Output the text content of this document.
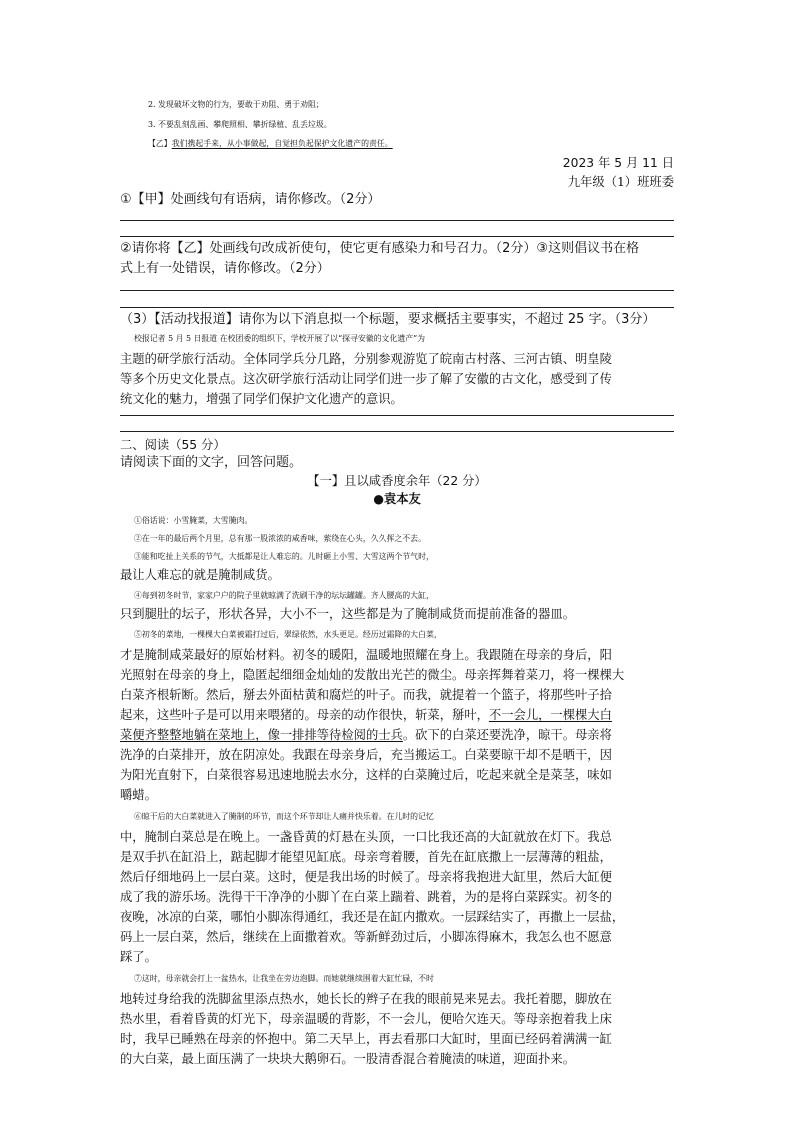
2. 发现破坏文物的行为，要敢于劝阻、勇于劝阻；
3. 不要乱刻乱画、攀爬照相、攀折绿植、乱丢垃圾。
【乙】我们携起手来，从小事做起，自觉担负起保护文化遗产的责任。
2023 年 5 月 11 日
九年级（1）班班委
①【甲】处画线句有语病，请你修改。（2分）
②请你将【乙】处画线句改成祈使句，使它更有感染力和号召力。（2分）③这则倡议书在格
式上有一处错误，请你修改。（2分）
（3）【活动找报道】请你为以下消息拟一个标题，要求概括主要事实，不超过 25 字。（3分）
校报记者 5 月 5 日报道 在校团委的组织下，学校开展了以“探寻安徽的文化遗产”为
主题的研学旅行活动。全体同学兵分几路，分别参观游览了皖南古村落、三河古镇、明皇陵
等多个历史文化景点。这次研学旅行活动让同学们进一步了解了安徽的古文化，感受到了传
统文化的魅力，增强了同学们保护文化遗产的意识。
二、阅读（55 分）
请阅读下面的文字，回答问题。
【一】且以咸香度余年（22 分）
●袁本友
①俗话说：小雪腌菜，大雪腌肉。
②在一年的最后两个月里，总有那一股浓浓的咸香味，萦绕在心头，久久挥之不去。
③能和吃扯上关系的节气，大抵都是让人难忘的。儿时砸上小雪、大雪这两个节气时，
最让人难忘的就是腌制咸货。
④每到初冬时节，家家户户的院子里就晾满了洗刷干净的坛坛罐罐。齐人腰高的大缸，
只到腿肚的坛子，形状各异，大小不一，这些都是为了腌制咸货而提前准备的器皿。
⑤初冬的菜地，一棵棵大白菜被霜打过后，翠绿依然，水头更足。经历过霜降的大白菜，
才是腌制咸菜最好的原始材料。初冬的暖阳，温暖地照耀在身上。我跟随在母亲的身后，阳
光照射在母亲的身上，隐匿起细细金灿灿的发散出光芒的微尘。母亲挥舞着菜刀，将一棵棵大
白菜齐根斩断。然后，掰去外面枯黄和腐烂的叶子。而我，就提着一个篮子，将那些叶子拾
起来，这些叶子是可以用来喂猪的。母亲的动作很快，斩菜，掰叶，不一会儿，一棵棵大白
菜便齐整整地躺在菜地上，像一排排等待检阅的士兵。砍下的白菜还要洗净，晾干。母亲将
洗净的白菜排开，放在阴凉处。我跟在母亲身后，充当搬运工。白菜要晾干却不是晒干，因
为阳光直射下，白菜很容易迅速地脱去水分，这样的白菜腌过后，吃起来就全是菜茎，味如
嚼蜡。
⑥晾干后的大白菜就进入了腌制的环节，而这个环节却让人痛并快乐着。在儿时的记忆
中，腌制白菜总是在晚上。一盏昏黄的灯悬在头顶，一口比我还高的大缸就放在灯下。我总
是双手扒在缸沿上，踮起脚才能望见缸底。母亲弯着腰，首先在缸底撒上一层薄薄的粗盐，
然后仔细地码上一层白菜。这时，便是我出场的时候了。母亲将我抱进大缸里，然后大缸便
成了我的游乐场。洗得干干净净的小脚丫在白菜上踹着、跳着，为的是将白菜踩实。初冬的
夜晚，冰凉的白菜，哪怕小脚冻得通红，我还是在缸内撒欢。一层踩结实了，再撒上一层盐，
码上一层白菜，然后，继续在上面撒着欢。等新鲜劲过后，小脚冻得麻木，我怎么也不愿意
踩了。
⑦这时，母亲就会打上一盆热水，让我坐在旁边泡脚。而她就继续围着大缸忙碌，不时
地转过身给我的洗脚盆里添点热水，她长长的辫子在我的眼前晃来晃去。我托着腮，脚放在
热水里，看着昏黄的灯光下，母亲温暖的背影，不一会儿，便哈欠连天。等母亲抱着我上床
时，我早已睡熟在母亲的怀抱中。第二天早上，再去看那口大缸时，里面已经码着满满一缸
的大白菜，最上面压满了一块块大鹅卵石。一股清香混合着腌渍的味道，迎面扑来。
